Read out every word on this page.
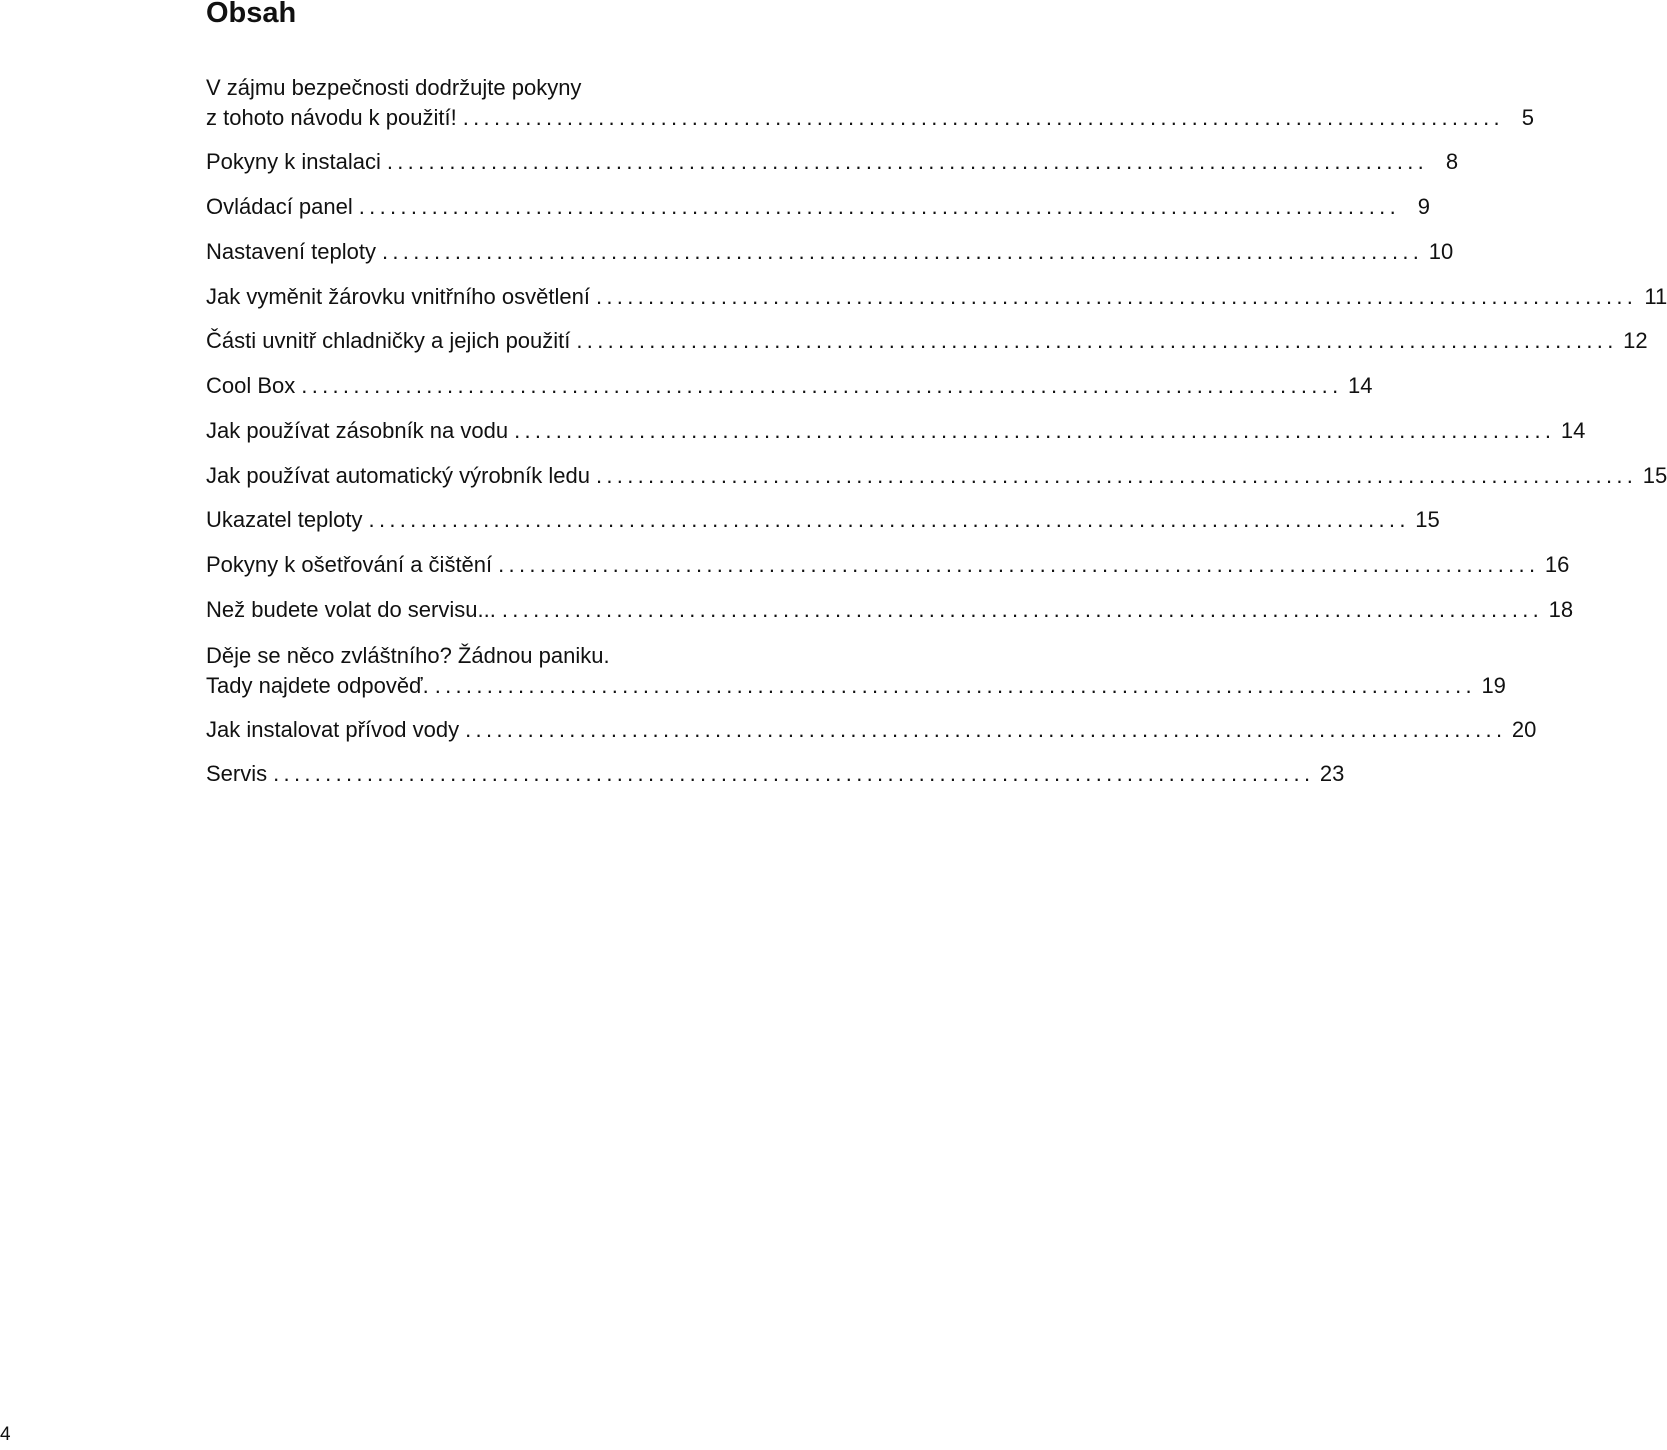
Obsah
V zájmu bezpečnosti dodržujte pokyny
z tohoto návodu k použití! .................................................................................................... 5
Pokyny k instalaci .................................................................................................... 8
Ovládací panel .................................................................................................... 9
Nastavení teploty .................................................................................................... 10
Jak vyměnit žárovku vnitřního osvětlení .................................................................................................... 11
Části uvnitř chladničky a jejich použití .................................................................................................... 12
Cool Box .................................................................................................... 14
Jak používat zásobník na vodu .................................................................................................... 14
Jak používat automatický výrobník ledu .................................................................................................... 15
Ukazatel teploty .................................................................................................... 15
Pokyny k ošetřování a čištění .................................................................................................... 16
Než budete volat do servisu... .................................................................................................... 18
Děje se něco zvláštního? Žádnou paniku.
Tady najdete odpověď. .................................................................................................... 19
Jak instalovat přívod vody .................................................................................................... 20
Servis .................................................................................................... 23
4
